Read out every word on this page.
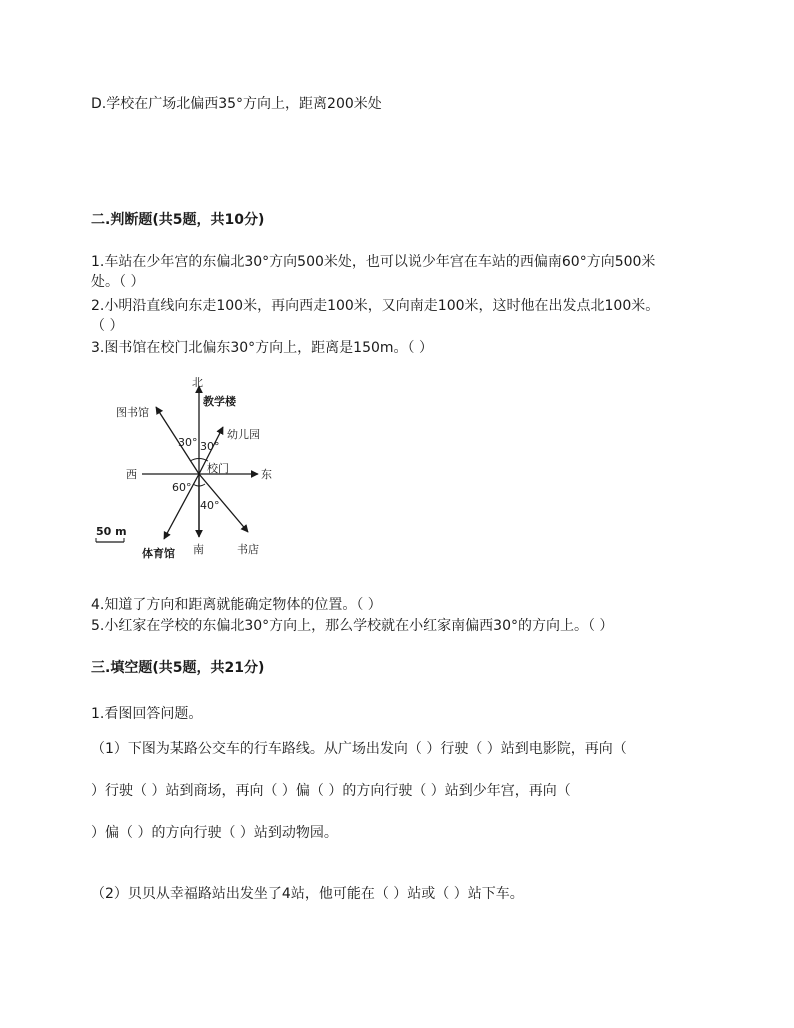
D.学校在广场北偏西35°方向上，距离200米处
二.判断题(共5题，共10分)
1.车站在少年宫的东偏北30°方向500米处，也可以说少年宫在车站的西偏南60°方向500米
处。（ ）
2.小明沿直线向东走100米，再向西走100米，又向南走100米，这时他在出发点北100米。
（ ）
3.图书馆在校门北偏东30°方向上，距离是150m。（ ）
北
教学楼
图书馆
30° 30°
幼儿园
校门
西	东
60°
40°
50 m
体育馆 南	书店
4.知道了方向和距离就能确定物体的位置。（ ）
5.小红家在学校的东偏北30°方向上，那么学校就在小红家南偏西30°的方向上。（ ）
三.填空题(共5题，共21分)
1.看图回答问题。
（1）下图为某路公交车的行车路线。从广场出发向（ ）行驶（ ）站到电影院，再向（
）行驶（ ）站到商场，再向（ ）偏（ ）的方向行驶（ ）站到少年宫，再向（
）偏（ ）的方向行驶（ ）站到动物园。
（2）贝贝从幸福路站出发坐了4站，他可能在（ ）站或（ ）站下车。
